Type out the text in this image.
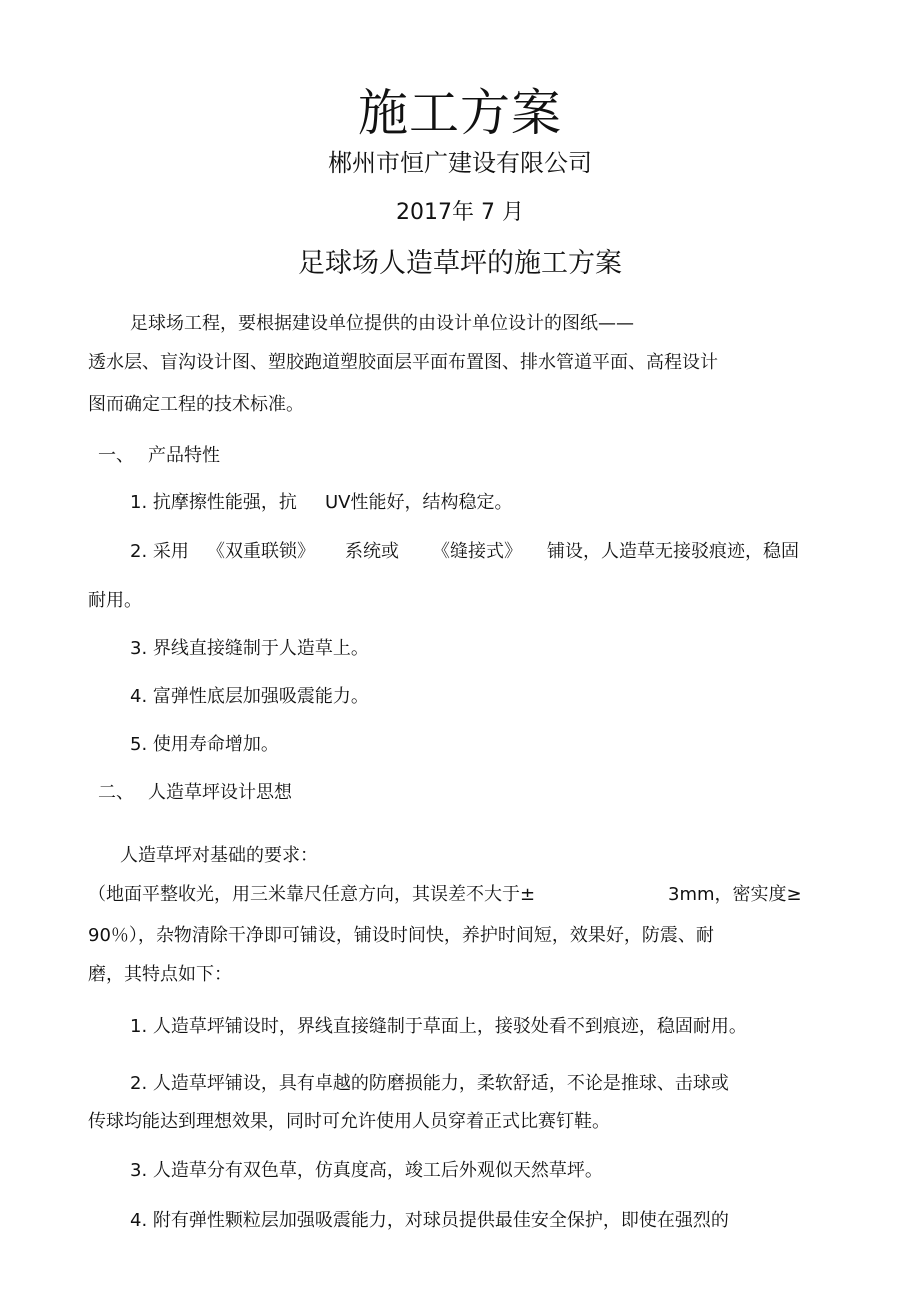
施工方案
郴州市恒广建设有限公司
2017年 7 月
足球场人造草坪的施工方案
足球场工程，要根据建设单位提供的由设计单位设计的图纸——
透水层、盲沟设计图、塑胶跑道塑胶面层平面布置图、排水管道平面、高程设计
图而确定工程的技术标准。
一、 产品特性
1. 抗摩擦性能强，抗 UV性能好，结构稳定。
2. 采用 《双重联锁》 系统或 《缝接式》 铺设，人造草无接驳痕迹，稳固
耐用。
3. 界线直接缝制于人造草上。
4. 富弹性底层加强吸震能力。
5. 使用寿命增加。
二、 人造草坪设计思想
人造草坪对基础的要求：
（地面平整收光，用三米靠尺任意方向，其误差不大于±	3mm，密实度≥
90％），杂物清除干净即可铺设，铺设时间快，养护时间短，效果好，防震、耐
磨，其特点如下：
1. 人造草坪铺设时，界线直接缝制于草面上，接驳处看不到痕迹，稳固耐用。
2. 人造草坪铺设，具有卓越的防磨损能力，柔软舒适，不论是推球、击球或
传球均能达到理想效果，同时可允许使用人员穿着正式比赛钉鞋。
3. 人造草分有双色草，仿真度高，竣工后外观似天然草坪。
4. 附有弹性颗粒层加强吸震能力，对球员提供最佳安全保护，即使在强烈的
